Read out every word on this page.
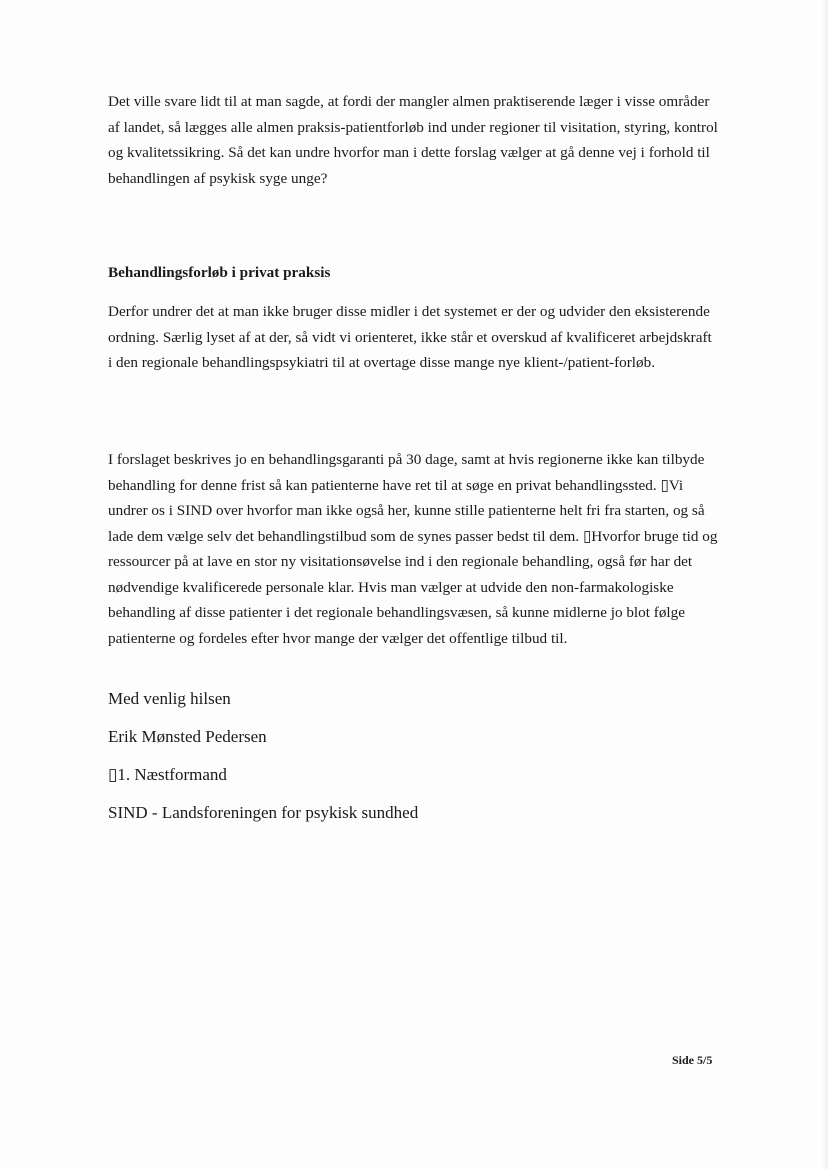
Det ville svare lidt til at man sagde, at fordi der mangler almen praktiserende læger i visse områder af landet, så lægges alle almen praksis-patientforløb ind under regioner til visitation, styring, kontrol og kvalitetssikring. Så det kan undre hvorfor man i dette forslag vælger at gå denne vej i forhold til behandlingen af psykisk syge unge?

Behandlingsforløb i privat praksis

Derfor undrer det at man ikke bruger disse midler i det systemet er der og udvider den eksisterende ordning. Særlig lyset af at der, så vidt vi orienteret, ikke står et overskud af kvalificeret arbejdskraft i den regionale behandlingspsykiatri til at overtage disse mange nye klient-/patient-forløb.

I forslaget beskrives jo en behandlingsgaranti på 30 dage, samt at hvis regionerne ikke kan tilbyde behandling for denne frist så kan patienterne have ret til at søge en privat behandlingssted. ▯Vi undrer os i SIND over hvorfor man ikke også her, kunne stille patienterne helt fri fra starten, og så lade dem vælge selv det behandlingstilbud som de synes passer bedst til dem. ▯Hvorfor bruge tid og ressourcer på at lave en stor ny visitationsøvelse ind i den regionale behandling, også før har det nødvendige kvalificerede personale klar. Hvis man vælger at udvide den non-farmakologiske behandling af disse patienter i det regionale behandlingsvæsen, så kunne midlerne jo blot følge patienterne og fordeles efter hvor mange der vælger det offentlige tilbud til.

Med venlig hilsen

Erik Mønsted Pedersen

▯1. Næstformand

SIND - Landsforeningen for psykisk sundhed

Side 5/5
